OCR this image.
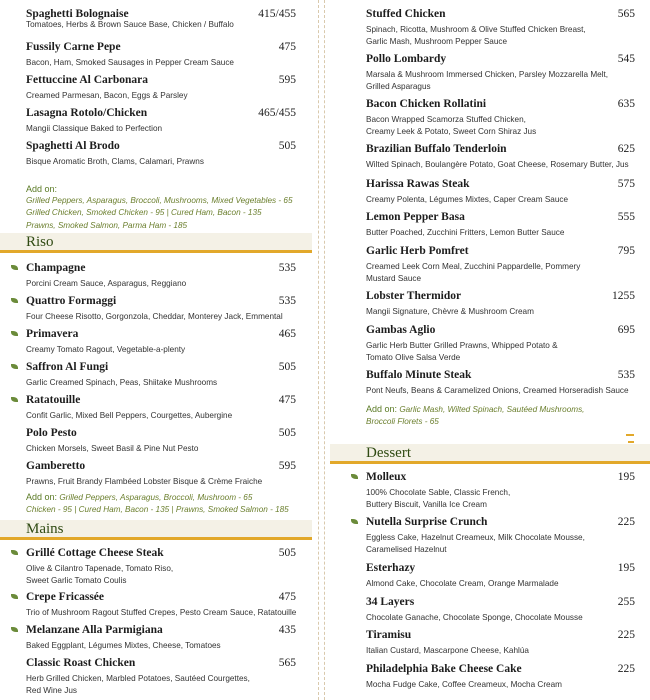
Spaghetti Bolognaise	415/455
Tomatoes, Herbs & Brown Sauce Base, Chicken / Buffalo
Fussily Carne Pepe	475
Bacon, Ham, Smoked Sausages in Pepper Cream Sauce
Fettuccine Al Carbonara	595
Creamed Parmesan, Bacon, Eggs & Parsley
Lasagna Rotolo/Chicken	465/455
Mangii Classique Baked to Perfection
Spaghetti Al Brodo	505
Bisque Aromatic Broth, Clams, Calamari, Prawns
Add on:
Grilled Peppers, Asparagus, Broccoli, Mushrooms, Mixed Vegetables - 65
Grilled Chicken, Smoked Chicken - 95 | Cured Ham, Bacon - 135
Prawns, Smoked Salmon, Parma Ham - 185
Riso
Champagne	535
Porcini Cream Sauce, Asparagus, Reggiano
Quattro Formaggi	535
Four Cheese Risotto, Gorgonzola, Cheddar, Monterey Jack, Emmental
Primavera	465
Creamy Tomato Ragout, Vegetable-a-plenty
Saffron Al Fungi	505
Garlic Creamed Spinach, Peas, Shiitake Mushrooms
Ratatouille	475
Confit Garlic, Mixed Bell Peppers, Courgettes, Aubergine
Polo Pesto	505
Chicken Morsels, Sweet Basil & Pine Nut Pesto
Gamberetto	595
Prawns, Fruit Brandy Flambéed Lobster Bisque & Crème Fraiche
Add on: Grilled Peppers, Asparagus, Broccoli, Mushroom - 65
Chicken - 95 | Cured Ham, Bacon - 135 | Prawns, Smoked Salmon - 185
Mains
Grillé Cottage Cheese Steak	505
Olive & Cilantro Tapenade, Tomato Riso,
Sweet Garlic Tomato Coulis
Crepe Fricassée	475
Trio of Mushroom Ragout Stuffed Crepes, Pesto Cream Sauce, Ratatouille
Melanzane Alla Parmigiana	435
Baked Eggplant, Légumes Mixtes, Cheese, Tomatoes
Classic Roast Chicken	565
Herb Grilled Chicken, Marbled Potatoes, Sautéed Courgettes,
Red Wine Jus
Stuffed Chicken	565
Spinach, Ricotta, Mushroom & Olive Stuffed Chicken Breast,
Garlic Mash, Mushroom Pepper Sauce
Pollo Lombardy	545
Marsala & Mushroom Immersed Chicken, Parsley Mozzarella Melt,
Grilled Asparagus
Bacon Chicken Rollatini	635
Bacon Wrapped Scamorza Stuffed Chicken,
Creamy Leek & Potato, Sweet Corn Shiraz Jus
Brazilian Buffalo Tenderloin	625
Wilted Spinach, Boulangère Potato, Goat Cheese, Rosemary Butter, Jus
Harissa Rawas Steak	575
Creamy Polenta, Légumes Mixtes, Caper Cream Sauce
Lemon Pepper Basa	555
Butter Poached, Zucchini Fritters, Lemon Butter Sauce
Garlic Herb Pomfret	795
Creamed Leek Corn Meal, Zucchini Pappardelle, Pommery
Mustard Sauce
Lobster Thermidor	1255
Mangii Signature, Chèvre & Mushroom Cream
Gambas Aglio	695
Garlic Herb Butter Grilled Prawns, Whipped Potato &
Tomato Olive Salsa Verde
Buffalo Minute Steak	535
Pont Neufs, Beans & Caramelized Onions, Creamed Horseradish Sauce
Add on: Garlic Mash, Wilted Spinach, Sautéed Mushrooms,
Broccoli Florets - 65
Dessert
Molleux	195
100% Chocolate Sable, Classic French,
Buttery Biscuit, Vanilla Ice Cream
Nutella Surprise Crunch	225
Eggless Cake, Hazelnut Creameux, Milk Chocolate Mousse,
Caramelised Hazelnut
Esterhazy	195
Almond Cake, Chocolate Cream, Orange Marmalade
34 Layers	255
Chocolate Ganache, Chocolate Sponge, Chocolate Mousse
Tiramisu	225
Italian Custard, Mascarpone Cheese, Kahlúa
Philadelphia Bake Cheese Cake	225
Mocha Fudge Cake, Coffee Creameux, Mocha Cream
